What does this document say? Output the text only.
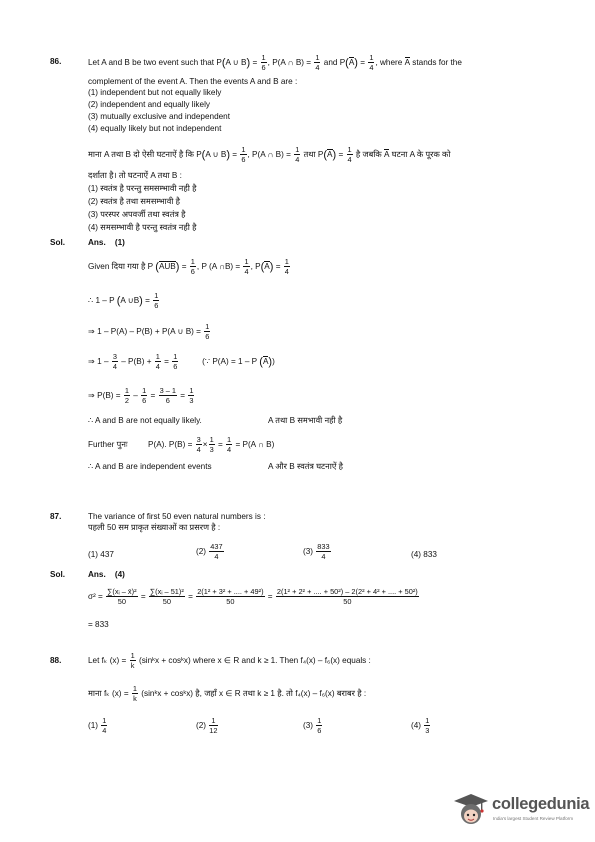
86.	Let A and B be two event such that P(A ∪ $B) = \frac{1}{6}$ , P(A ∩ $B) = \frac{1}{4}$ and $P(A) = \frac{1}{4}$ , where A stands for the
complement of the event A. Then the events A and B are :
(1) independent but not equally likely
(2) independent and equally likely
(3) mutually exclusive and independent
(4) equally likely but not independent
माना A तथा B दो ऐसी घटनाऐं है कि P(A ∪ $B) = \frac{1}{6}$ , P(A ∩ $B) = \frac{1}{4}$ तथा $P(A) = \frac{1}{4}$ है जबकि A घटना A के पूरक को
दर्शाता है। तो घटनाऐं A तथा B :
(1) स्वतंत्र है परन्तु समसम्भावी नही है
(2) स्वतंत्र है तथा समसम्भावी है
(3) परस्पर अपवर्जी तथा स्वतंत्र है
(4) समसम्भावी है परन्तु स्वतंत्र नही है
Sol.	Ans. (1)
Given दिया गया है P $(AUB) = \frac{1}{6}$ , P (A ∩B) = $\frac{1}{4}$ , $P(A) = \frac{1}{4}$
∴ 1 – P (A ∪B) = $\frac{1}{6}$
⇒ 1 – P(A) – P(B) + P(A ∪ $B) = \frac{1}{6}$
⇒ $1 - \frac{3}{4} - P(B) + \frac{1}{4} = \frac{1}{6}$	(∵ P(A) = 1 – P (A))
⇒ $P(B) = \frac{1}{2} - \frac{1}{6} = \frac{3 - 1}{6} = \frac{1}{3}$
∴ A and B are not equally likely.	A तथा B समभावी नही है
Further पुनः P(A). $P(B) = \frac{3}{4} \times \frac{1}{3} = \frac{1}{4} = P(A$ ∩ B)
∴ A and B are independent events	A और B स्वतंत्र घटनाऐं है
87.	The variance of first 50 even natural numbers is :
पहली 50 सम प्राकृत संख्याओं का प्रसरण है :
(1) 437	$(2) \frac{437}{4}$	$(3) \frac{833}{4}$	(4) 833
Sol.	Ans. (4)
$\sigma^2 = \frac{\text{∑(xᵢ – x̄)²}}{50} = \frac{\text{∑(xᵢ – 51)²}}{50} = \frac{\text{2(1² + 3² + .... + 49²)}}{50} = \frac{\text{2(1² + 2² + .... + 50²) – 2(2² + 4² + .... + 50²)}}{50}$
= 833
88.	Let fₖ $(x) = \frac{1}{k}$ (sinᵏx + cosᵏx) where x ∈ R and k ≥ 1. Then f₄(x) – f₆(x) equals :
माना fₖ $(x) = \frac{1}{k}$ (sinᵏx + cosᵏx) है, जहाँ x ∈ R तथा k ≥ 1 है. तो f₄(x) – f₆(x) बराबर है :
$(1) \frac{1}{4}$	$(2) \frac{1}{12}$	$(3) \frac{1}{6}$	$(4) \frac{1}{3}$
collegedunia
India's largest Student Review Platform
